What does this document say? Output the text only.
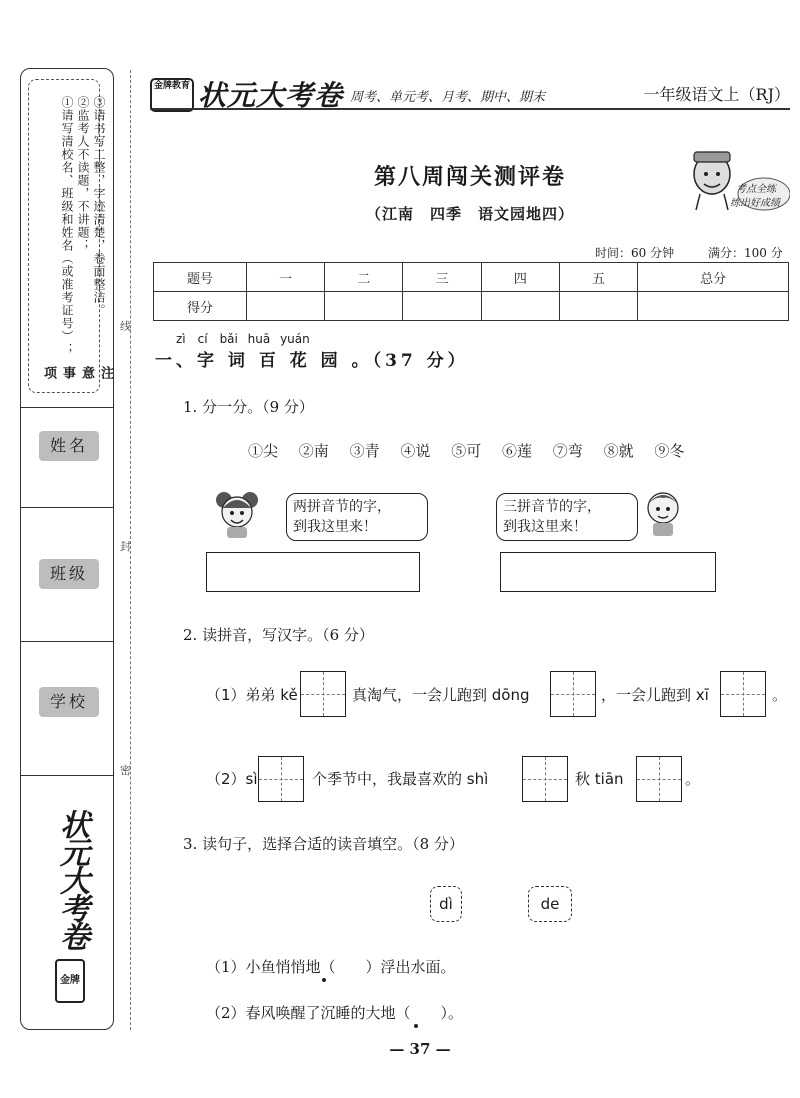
注意事项
①请写清校名、班级和姓名（或准考证号）； ②监考人不读题，不讲题； ③请书写工整，字迹清楚，卷面整洁。
姓名
班级
学校
状元大考卷
金牌
线
封
密
金牌教育 状元大考卷 周考、单元考、月考、期中、期末	一年级语文上（RJ）
第八周闯关测评卷
（江南　四季　语文园地四）
考点全练
练出好成绩
时间：60 分钟	满分：100 分
题号	一	二	三	四	五	总分
得分						
zì　cí　bǎi huā yuán
一、字 词 百 花 园 。（37 分）
1. 分一分。（9 分）
①尖 ②南 ③青 ④说 ⑤可 ⑥莲 ⑦弯 ⑧就 ⑨冬
两拼音节的字，
到我这里来！
三拼音节的字，
到我这里来！
2. 读拼音，写汉字。（6 分）
（1）弟弟 kě	真淘气，一会儿跑到 dōng	，一会儿跑到 xī	。
（2）sì	个季节中，我最喜欢的 shì	秋 tiān	。
3. 读句子，选择合适的读音填空。（8 分）
dì	de
（1）小鱼悄悄地（　　）浮出水面。
（2）春风唤醒了沉睡的大地（　　）。
— 37 —
